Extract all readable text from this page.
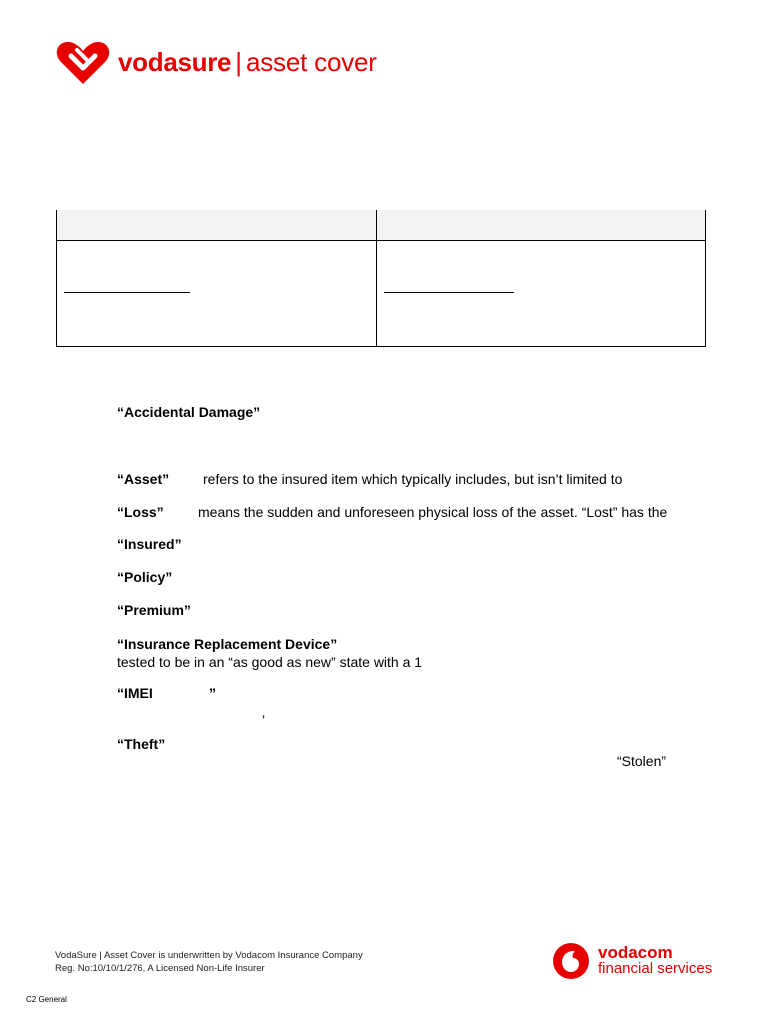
vodasure | asset cover
“Accidental Damage”
“Asset” refers to the insured item which typically includes, but isn’t limited to
“Loss” means the sudden and unforeseen physical loss of the asset. “Lost” has the
“Insured”
“Policy”
“Premium”
“Insurance Replacement Device”
tested to be in an “as good as new” state with a 1
“IMEI	”
’
“Theft”
“Stolen”
VodaSure | Asset Cover is underwritten by Vodacom Insurance Company
Reg. No:10/10/1/276, A Licensed Non-Life Insurer
C2 General
vodacom
financial services
